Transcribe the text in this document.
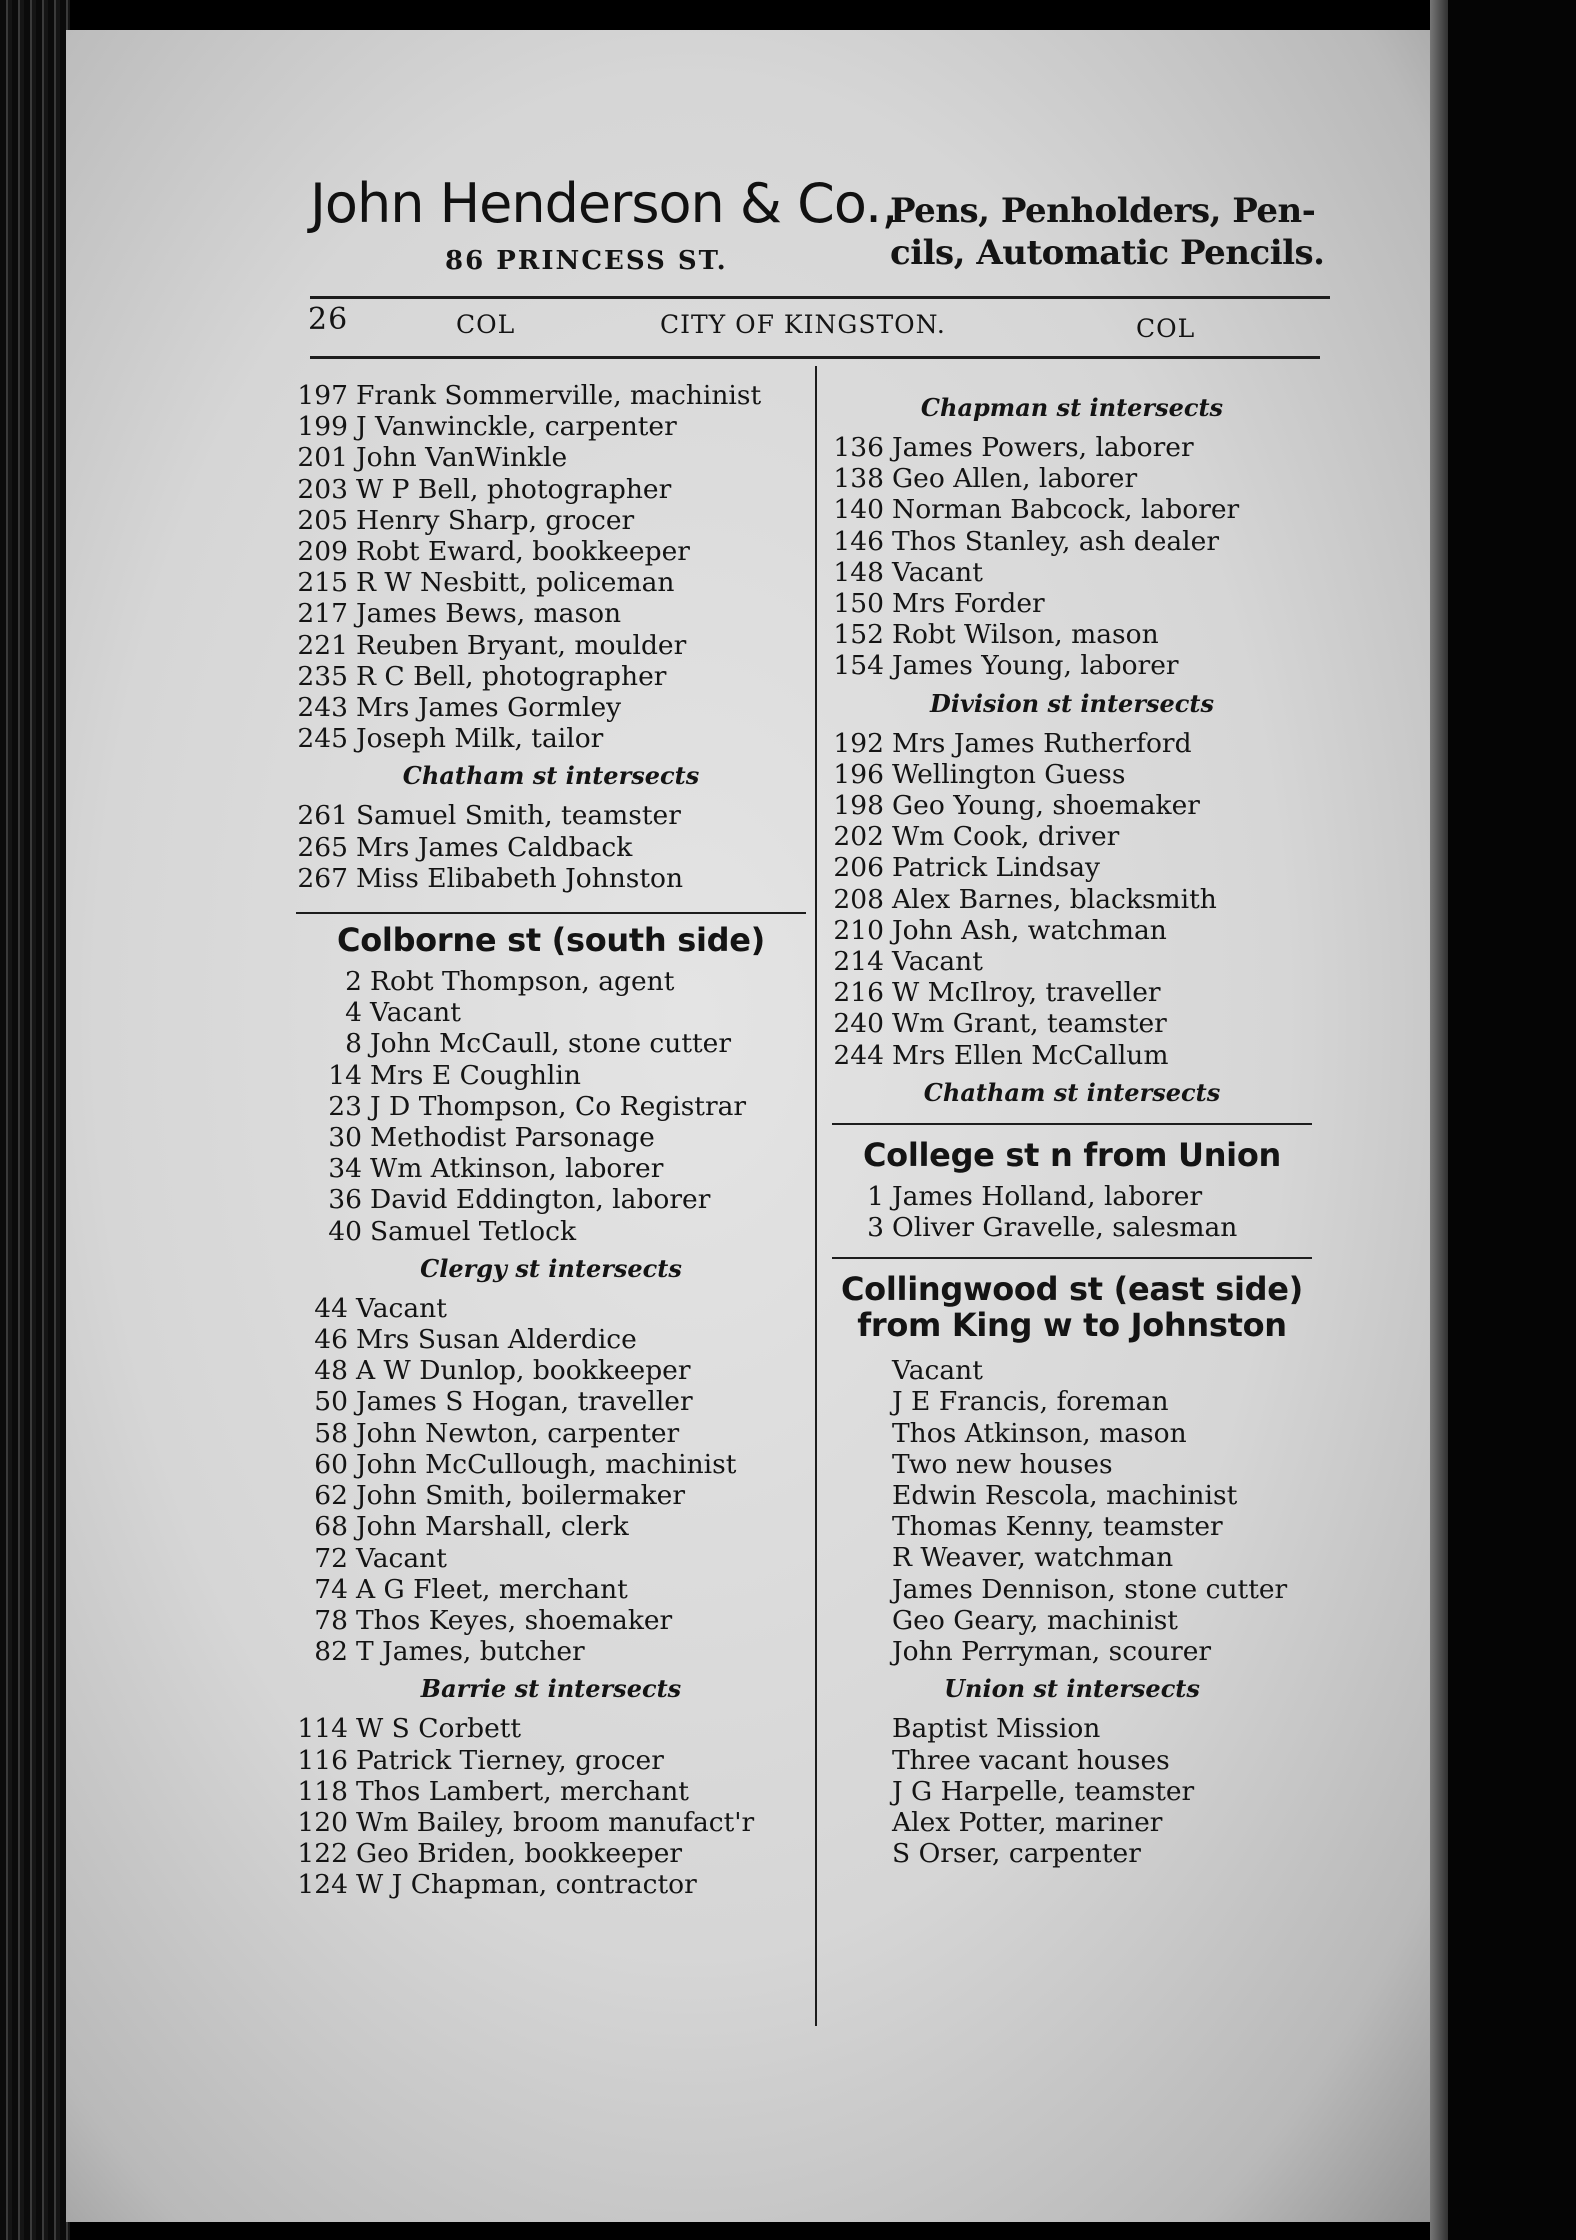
John Henderson & Co.,
86 PRINCESS ST.
Pens, Penholders, Pen-
cils, Automatic Pencils.
26	COL	CITY OF KINGSTON.	COL
197 Frank Sommerville, machinist
199 J Vanwinckle, carpenter
201 John VanWinkle
203 W P Bell, photographer
205 Henry Sharp, grocer
209 Robt Eward, bookkeeper
215 R W Nesbitt, policeman
217 James Bews, mason
221 Reuben Bryant, moulder
235 R C Bell, photographer
243 Mrs James Gormley
245 Joseph Milk, tailor
Chatham st intersects
261 Samuel Smith, teamster
265 Mrs James Caldback
267 Miss Elibabeth Johnston
Colborne st (south side)
2 Robt Thompson, agent
4 Vacant
8 John McCaull, stone cutter
14 Mrs E Coughlin
23 J D Thompson, Co Registrar
30 Methodist Parsonage
34 Wm Atkinson, laborer
36 David Eddington, laborer
40 Samuel Tetlock
Clergy st intersects
44 Vacant
46 Mrs Susan Alderdice
48 A W Dunlop, bookkeeper
50 James S Hogan, traveller
58 John Newton, carpenter
60 John McCullough, machinist
62 John Smith, boilermaker
68 John Marshall, clerk
72 Vacant
74 A G Fleet, merchant
78 Thos Keyes, shoemaker
82 T James, butcher
Barrie st intersects
114 W S Corbett
116 Patrick Tierney, grocer
118 Thos Lambert, merchant
120 Wm Bailey, broom manufact'r
122 Geo Briden, bookkeeper
124 W J Chapman, contractor
Chapman st intersects
136 James Powers, laborer
138 Geo Allen, laborer
140 Norman Babcock, laborer
146 Thos Stanley, ash dealer
148 Vacant
150 Mrs Forder
152 Robt Wilson, mason
154 James Young, laborer
Division st intersects
192 Mrs James Rutherford
196 Wellington Guess
198 Geo Young, shoemaker
202 Wm Cook, driver
206 Patrick Lindsay
208 Alex Barnes, blacksmith
210 John Ash, watchman
214 Vacant
216 W McIlroy, traveller
240 Wm Grant, teamster
244 Mrs Ellen McCallum
Chatham st intersects
College st n from Union
1 James Holland, laborer
3 Oliver Gravelle, salesman
Collingwood st (east side)
from King w to Johnston
Vacant
J E Francis, foreman
Thos Atkinson, mason
Two new houses
Edwin Rescola, machinist
Thomas Kenny, teamster
R Weaver, watchman
James Dennison, stone cutter
Geo Geary, machinist
John Perryman, scourer
Union st intersects
Baptist Mission
Three vacant houses
J G Harpelle, teamster
Alex Potter, mariner
S Orser, carpenter
